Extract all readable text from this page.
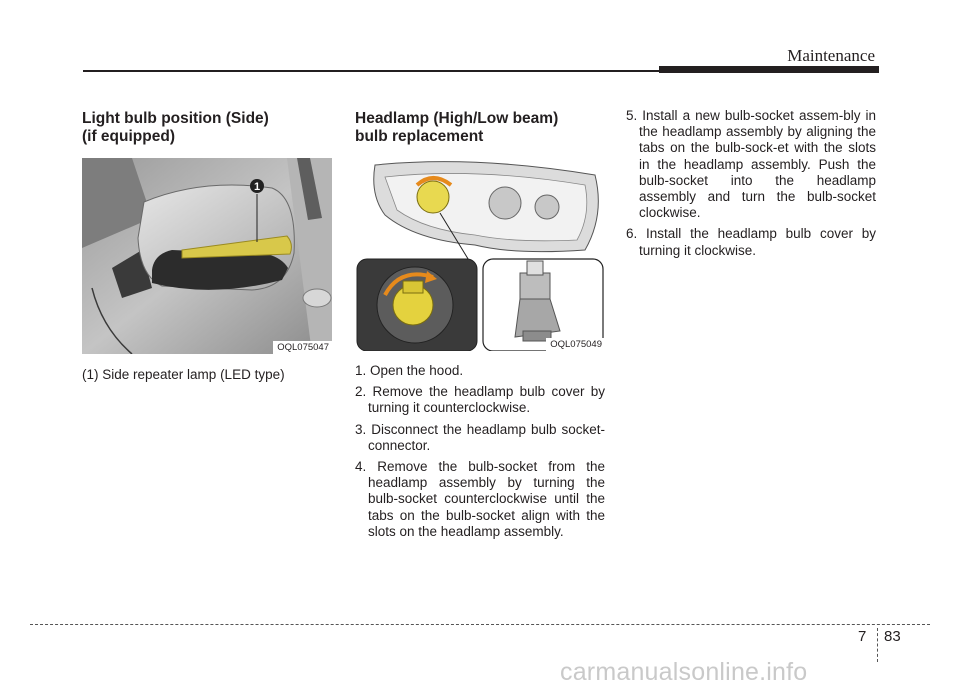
Maintenance
Light bulb position (Side)
(if equipped)
1
OQL075047
(1) Side repeater lamp (LED type)
Headlamp (High/Low beam)
bulb replacement
OQL075049
1. Open the hood.
2. Remove the headlamp bulb cover by turning it counterclockwise.
3. Disconnect the headlamp bulb socket-connector.
4. Remove the bulb-socket from the headlamp assembly by turning the bulb-socket counterclockwise until the tabs on the bulb-socket align with the slots on the headlamp assembly.
5. Install a new bulb-socket assem-bly in the headlamp assembly by aligning the tabs on the bulb-sock-et with the slots in the headlamp assembly. Push the bulb-socket into the headlamp assembly and turn the bulb-socket clockwise.
6. Install the headlamp bulb cover by turning it clockwise.
7 83
carmanualsonline.info
